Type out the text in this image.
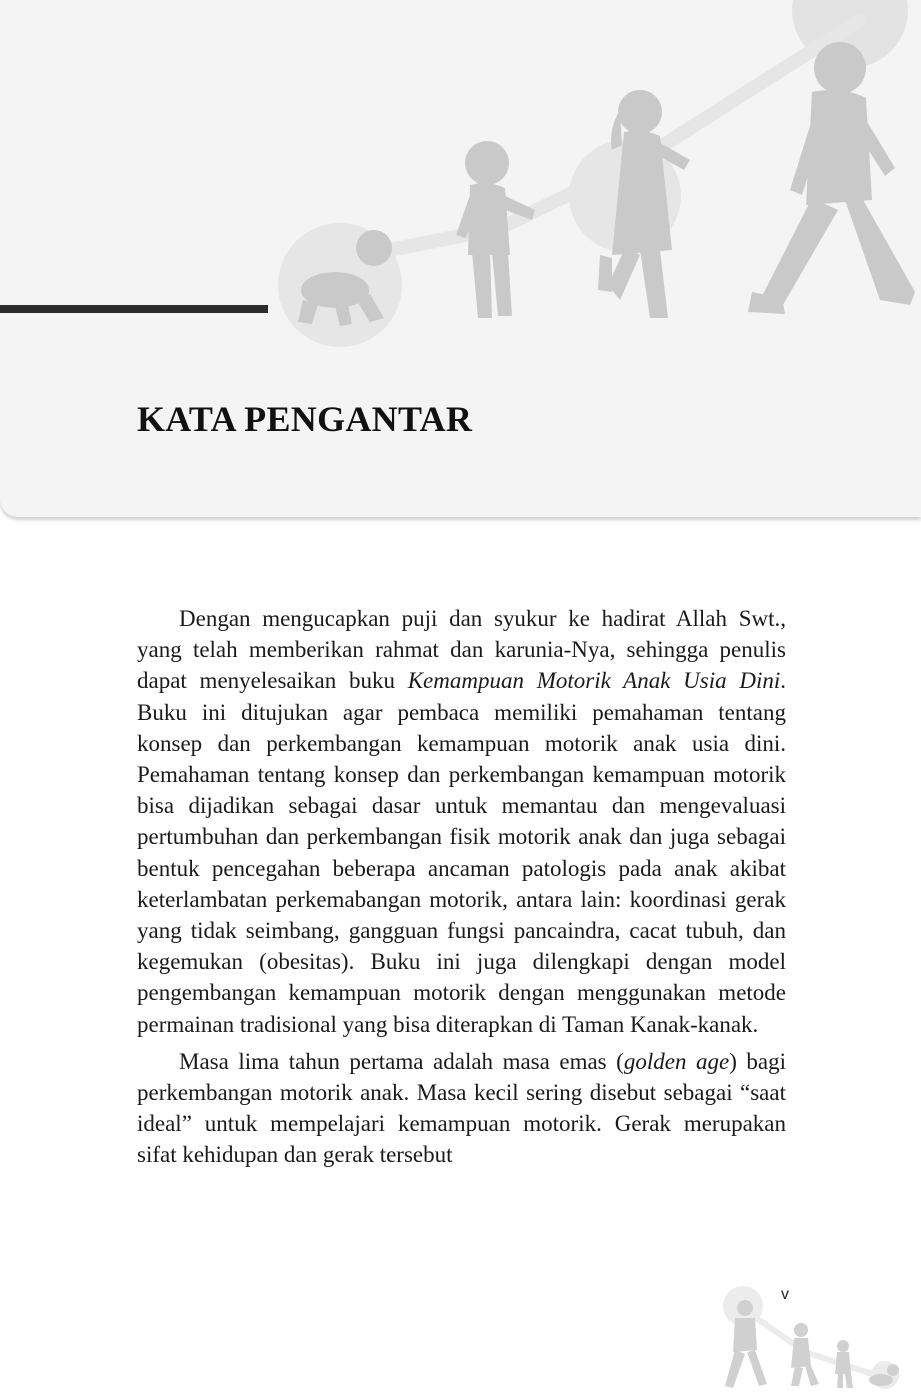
KATA PENGANTAR

Dengan mengucapkan puji dan syukur ke hadirat Allah Swt., yang telah memberikan rahmat dan karunia-Nya, sehingga penulis dapat menyelesaikan buku Kemampuan Motorik Anak Usia Dini. Buku ini ditujukan agar pembaca memiliki pemahaman tentang konsep dan perkembangan kemampuan motorik anak usia dini. Pemahaman tentang konsep dan perkembangan kemampuan motorik bisa dijadikan sebagai dasar untuk memantau dan mengevaluasi pertumbuhan dan perkembangan fisik motorik anak dan juga sebagai bentuk pencegahan beberapa ancaman patologis pada anak akibat keterlambatan perkemabangan motorik, antara lain: koordinasi gerak yang tidak seimbang, gangguan fungsi pancaindra, cacat tubuh, dan kegemukan (obesitas). Buku ini juga dilengkapi dengan model pengembangan kemampuan motorik dengan menggunakan metode permainan tradisional yang bisa diterapkan di Taman Kanak-kanak.

Masa lima tahun pertama adalah masa emas (golden age) bagi perkembangan motorik anak. Masa kecil sering disebut sebagai “saat ideal” untuk mempelajari kemampuan motorik. Gerak merupakan sifat kehidupan dan gerak tersebut

v
